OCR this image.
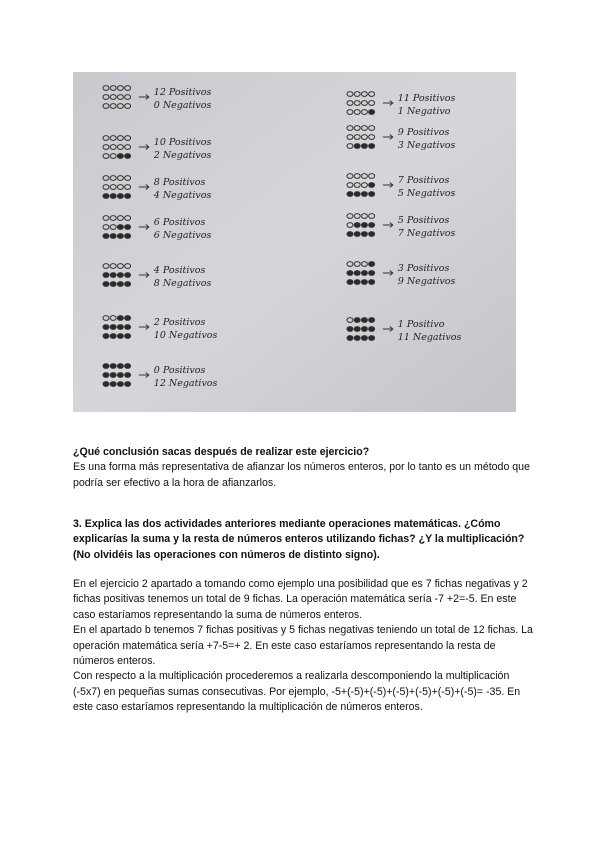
12 Positivos
0 Negativos
10 Positivos
2 Negativos
8 Positivos
4 Negativos
6 Positivos
6 Negativos
4 Positivos
8 Negativos
2 Positivos
10 Negativos
0 Positivos
12 Negativos
11 Positivos
1 Negativo
9 Positivos
3 Negativos
7 Positivos
5 Negativos
5 Positivos
7 Negativos
3 Positivos
9 Negativos
1 Positivo
11 Negativos

¿Qué conclusión sacas después de realizar este ejercicio?

Es una forma más representativa de afianzar los números enteros, por lo tanto es un método que podría ser efectivo a la hora de afianzarlos.

3. Explica las dos actividades anteriores mediante operaciones matemáticas. ¿Cómo explicarías la suma y la resta de números enteros utilizando fichas? ¿Y la multiplicación? (No olvidéis las operaciones con números de distinto signo).

En el ejercicio 2 apartado a tomando como ejemplo una posibilidad que es 7 fichas negativas y 2 fichas positivas tenemos un total de 9 fichas. La operación matemática sería -7 +2=-5. En este caso estaríamos representando la suma de números enteros.

En el apartado b tenemos 7 fichas positivas y 5 fichas negativas teniendo un total de 12 fichas. La operación matemática sería +7-5=+ 2. En este caso estaríamos representando la resta de números enteros.

Con respecto a la multiplicación procederemos a realizarla descomponiendo la multiplicación (-5x7) en pequeñas sumas consecutivas. Por ejemplo, -5+(-5)+(-5)+(-5)+(-5)+(-5)+(-5)= -35. En este caso estaríamos representando la multiplicación de números enteros.
